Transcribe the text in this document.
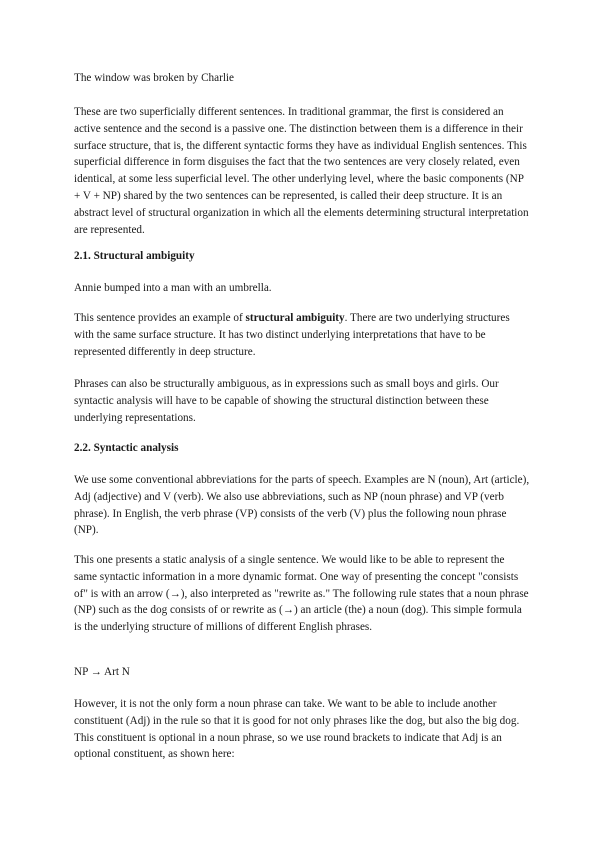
The window was broken by Charlie

These are two superficially different sentences. In traditional grammar, the first is considered an active sentence and the second is a passive one. The distinction between them is a difference in their surface structure, that is, the different syntactic forms they have as individual English sentences. This superficial difference in form disguises the fact that the two sentences are very closely related, even identical, at some less superficial level. The other underlying level, where the basic components (NP + V + NP) shared by the two sentences can be represented, is called their deep structure. It is an abstract level of structural organization in which all the elements determining structural interpretation are represented.

2.1. Structural ambiguity

Annie bumped into a man with an umbrella.

This sentence provides an example of structural ambiguity. There are two underlying structures with the same surface structure. It has two distinct underlying interpretations that have to be represented differently in deep structure.

Phrases can also be structurally ambiguous, as in expressions such as small boys and girls. Our syntactic analysis will have to be capable of showing the structural distinction between these underlying representations.

2.2. Syntactic analysis

We use some conventional abbreviations for the parts of speech. Examples are N (noun), Art (article), Adj (adjective) and V (verb). We also use abbreviations, such as NP (noun phrase) and VP (verb phrase). In English, the verb phrase (VP) consists of the verb (V) plus the following noun phrase (NP).

This one presents a static analysis of a single sentence. We would like to be able to represent the same syntactic information in a more dynamic format. One way of presenting the concept "consists of" is with an arrow (→), also interpreted as "rewrite as." The following rule states that a noun phrase (NP) such as the dog consists of or rewrite as (→) an article (the) a noun (dog). This simple formula is the underlying structure of millions of different English phrases.

NP → Art N

However, it is not the only form a noun phrase can take. We want to be able to include another constituent (Adj) in the rule so that it is good for not only phrases like the dog, but also the big dog. This constituent is optional in a noun phrase, so we use round brackets to indicate that Adj is an optional constituent, as shown here:
